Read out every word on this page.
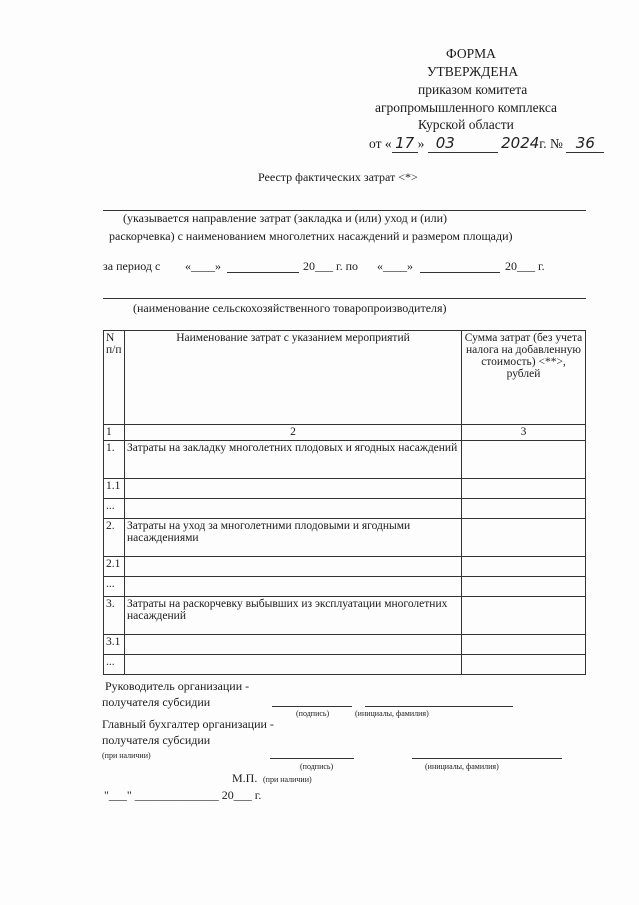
ФОРМА
УТВЕРЖДЕНА
приказом комитета
агропромышленного комплекса
Курской области
от « 17 » 03	2024г. № 36
Реестр фактических затрат <*>
(указывается направление затрат (закладка и (или) уход и (или)
раскорчевка) с наименованием многолетних насаждений и размером площади)
за период с «____»	20___ г. по «____»	20___ г.
(наименование сельскохозяйственного товаропроизводителя)
N п/п	Наименование затрат с указанием мероприятий	Сумма затрат (без учета налога на добавленную стоимость) <**>, рублей
1	2	3
1.	Затраты на закладку многолетних плодовых и ягодных насаждений	
1.1		
...		
2.	Затраты на уход за многолетними плодовыми и ягодными насаждениями	
2.1		
...		
3.	Затраты на раскорчевку выбывших из эксплуатации многолетних насаждений	
3.1		
...		
Руководитель организации -
получателя субсидии
(подпись)	(инициалы, фамилия)
Главный бухгалтер организации -
получателя субсидии
(при наличии)
(подпись)	(инициалы, фамилия)
М.П. (при наличии)
"___" ______________ 20___ г.
